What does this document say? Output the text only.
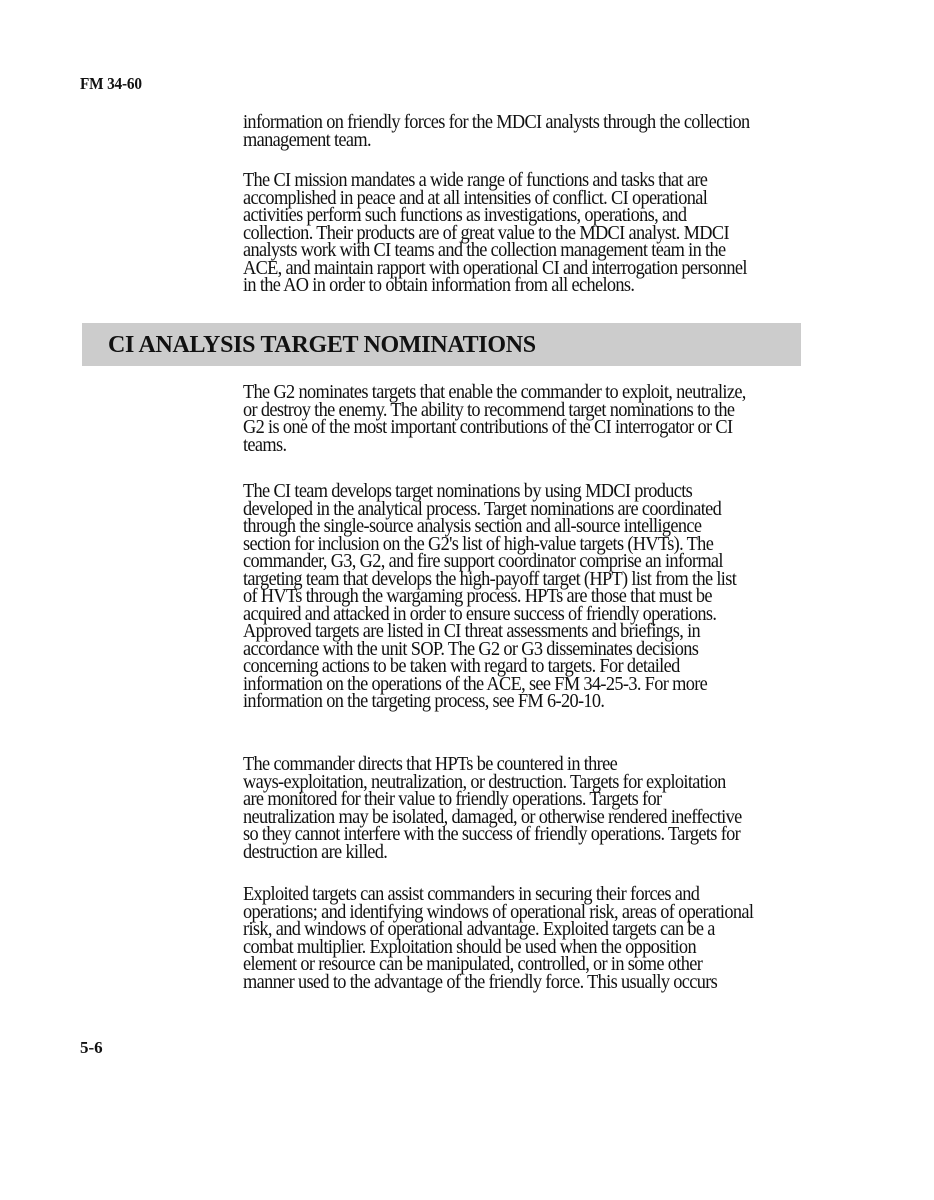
FM 34-60

information on friendly forces for the MDCI analysts through the collection
management team.

The CI mission mandates a wide range of functions and tasks that are
accomplished in peace and at all intensities of conflict. CI operational
activities perform such functions as investigations, operations, and
collection. Their products are of great value to the MDCI analyst. MDCI
analysts work with CI teams and the collection management team in the
ACE, and maintain rapport with operational CI and interrogation personnel
in the AO in order to obtain information from all echelons.

CI ANALYSIS TARGET NOMINATIONS

The G2 nominates targets that enable the commander to exploit, neutralize,
or destroy the enemy. The ability to recommend target nominations to the
G2 is one of the most important contributions of the CI interrogator or CI
teams.

The CI team develops target nominations by using MDCI products
developed in the analytical process. Target nominations are coordinated
through the single-source analysis section and all-source intelligence
section for inclusion on the G2's list of high-value targets (HVTs). The
commander, G3, G2, and fire support coordinator comprise an informal
targeting team that develops the high-payoff target (HPT) list from the list
of HVTs through the wargaming process. HPTs are those that must be
acquired and attacked in order to ensure success of friendly operations.
Approved targets are listed in CI threat assessments and briefings, in
accordance with the unit SOP. The G2 or G3 disseminates decisions
concerning actions to be taken with regard to targets. For detailed
information on the operations of the ACE, see FM 34-25-3. For more
information on the targeting process, see FM 6-20-10.

The commander directs that HPTs be countered in three
ways-exploitation, neutralization, or destruction. Targets for exploitation
are monitored for their value to friendly operations. Targets for
neutralization may be isolated, damaged, or otherwise rendered ineffective
so they cannot interfere with the success of friendly operations. Targets for
destruction are killed.

Exploited targets can assist commanders in securing their forces and
operations; and identifying windows of operational risk, areas of operational
risk, and windows of operational advantage. Exploited targets can be a
combat multiplier. Exploitation should be used when the opposition
element or resource can be manipulated, controlled, or in some other
manner used to the advantage of the friendly force. This usually occurs

5-6
